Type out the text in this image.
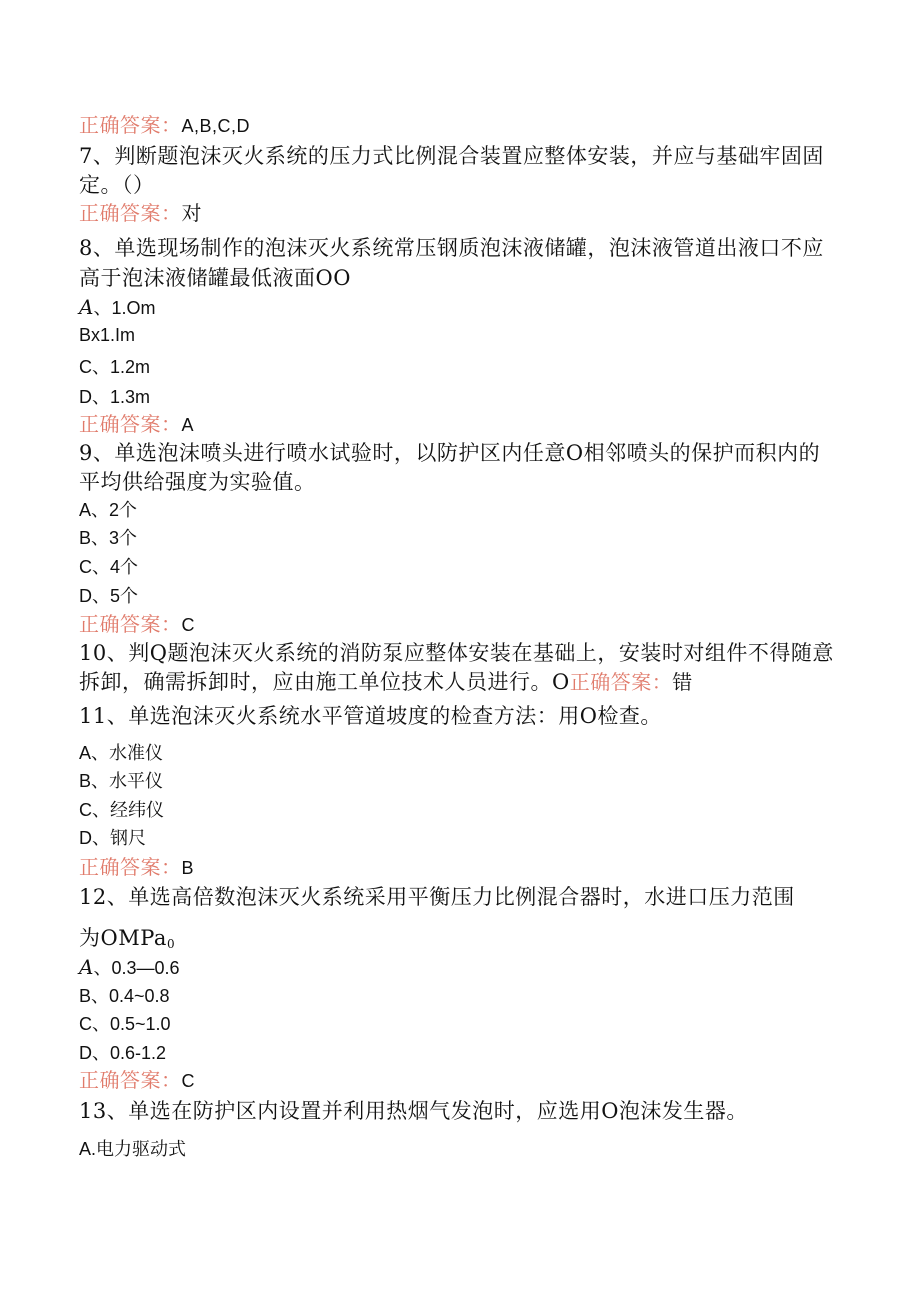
正确答案：A,B,C,D
7、判断题泡沫灭火系统的压力式比例混合装置应整体安装，并应与基础牢固固
定。（）
正确答案：对
8、单选现场制作的泡沫灭火系统常压钢质泡沫液储罐，泡沫液管道出液口不应
高于泡沫液储罐最低液面OO
A、1.Om
Bx1.Im
C、1.2m
D、1.3m
正确答案：A
9、单选泡沫喷头进行喷水试验时，以防护区内任意O相邻喷头的保护而积内的
平均供给强度为实验值。
A、2个
B、3个
C、4个
D、5个
正确答案：C
10、判Q题泡沫灭火系统的消防泵应整体安装在基础上，安装时对组件不得随意
拆卸，确需拆卸时，应由施工单位技术人员进行。O正确答案：错
11、单选泡沫灭火系统水平管道坡度的检查方法：用O检查。
A、水准仪
B、水平仪
C、经纬仪
D、钢尺
正确答案：B
12、单选高倍数泡沫灭火系统采用平衡压力比例混合器时，水进口压力范围
为OMPa$_0$
A、0.3—0.6
B、0.4~0.8
C、0.5~1.0
D、0.6-1.2
正确答案：C
13、单选在防护区内设置并利用热烟气发泡时，应选用O泡沫发生器。
A.电力驱动式
